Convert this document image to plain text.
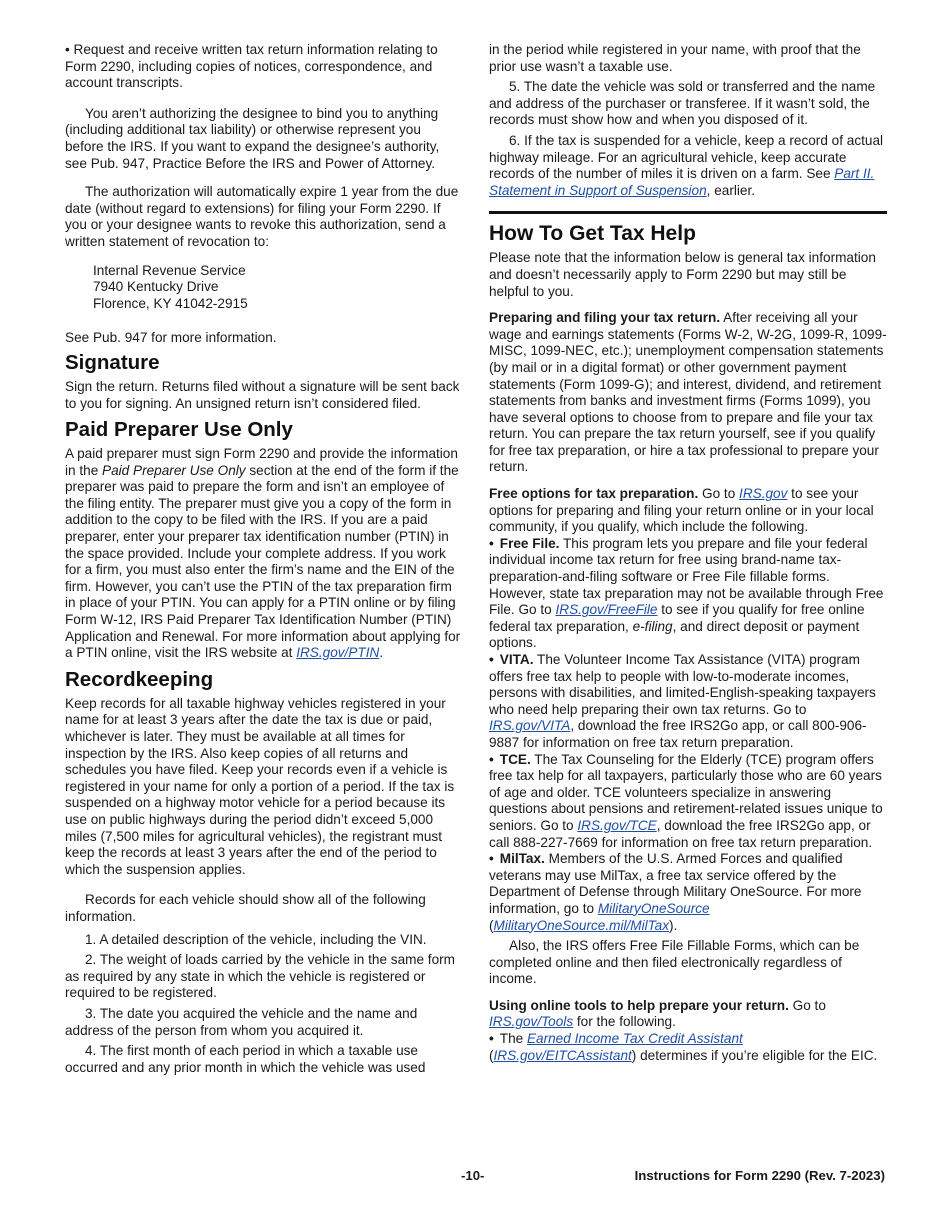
• Request and receive written tax return information relating to Form 2290, including copies of notices, correspondence, and account transcripts.

You aren’t authorizing the designee to bind you to anything (including additional tax liability) or otherwise represent you before the IRS. If you want to expand the designee’s authority, see Pub. 947, Practice Before the IRS and Power of Attorney.

The authorization will automatically expire 1 year from the due date (without regard to extensions) for filing your Form 2290. If you or your designee wants to revoke this authorization, send a written statement of revocation to:

Internal Revenue Service
7940 Kentucky Drive
Florence, KY 41042-2915

See Pub. 947 for more information.

Signature

Sign the return. Returns filed without a signature will be sent back to you for signing. An unsigned return isn’t considered filed.

Paid Preparer Use Only

A paid preparer must sign Form 2290 and provide the information in the Paid Preparer Use Only section at the end of the form if the preparer was paid to prepare the form and isn’t an employee of the filing entity. The preparer must give you a copy of the form in addition to the copy to be filed with the IRS. If you are a paid preparer, enter your preparer tax identification number (PTIN) in the space provided. Include your complete address. If you work for a firm, you must also enter the firm’s name and the EIN of the firm. However, you can’t use the PTIN of the tax preparation firm in place of your PTIN. You can apply for a PTIN online or by filing Form W-12, IRS Paid Preparer Tax Identification Number (PTIN) Application and Renewal. For more information about applying for a PTIN online, visit the IRS website at IRS.gov/PTIN.

Recordkeeping

Keep records for all taxable highway vehicles registered in your name for at least 3 years after the date the tax is due or paid, whichever is later. They must be available at all times for inspection by the IRS. Also keep copies of all returns and schedules you have filed. Keep your records even if a vehicle is registered in your name for only a portion of a period. If the tax is suspended on a highway motor vehicle for a period because its use on public highways during the period didn’t exceed 5,000 miles (7,500 miles for agricultural vehicles), the registrant must keep the records at least 3 years after the end of the period to which the suspension applies.

Records for each vehicle should show all of the following information.

1. A detailed description of the vehicle, including the VIN.

2. The weight of loads carried by the vehicle in the same form as required by any state in which the vehicle is registered or required to be registered.

3. The date you acquired the vehicle and the name and address of the person from whom you acquired it.

4. The first month of each period in which a taxable use occurred and any prior month in which the vehicle was used

in the period while registered in your name, with proof that the prior use wasn’t a taxable use.

5. The date the vehicle was sold or transferred and the name and address of the purchaser or transferee. If it wasn’t sold, the records must show how and when you disposed of it.

6. If the tax is suspended for a vehicle, keep a record of actual highway mileage. For an agricultural vehicle, keep accurate records of the number of miles it is driven on a farm. See Part II. Statement in Support of Suspension, earlier.

How To Get Tax Help

Please note that the information below is general tax information and doesn’t necessarily apply to Form 2290 but may still be helpful to you.

Preparing and filing your tax return. After receiving all your wage and earnings statements (Forms W-2, W-2G, 1099-R, 1099-MISC, 1099-NEC, etc.); unemployment compensation statements (by mail or in a digital format) or other government payment statements (Form 1099-G); and interest, dividend, and retirement statements from banks and investment firms (Forms 1099), you have several options to choose from to prepare and file your tax return. You can prepare the tax return yourself, see if you qualify for free tax preparation, or hire a tax professional to prepare your return.

Free options for tax preparation. Go to IRS.gov to see your options for preparing and filing your return online or in your local community, if you qualify, which include the following.

• Free File. This program lets you prepare and file your federal individual income tax return for free using brand-name tax-preparation-and-filing software or Free File fillable forms. However, state tax preparation may not be available through Free File. Go to IRS.gov/FreeFile to see if you qualify for free online federal tax preparation, e-filing, and direct deposit or payment options.

• VITA. The Volunteer Income Tax Assistance (VITA) program offers free tax help to people with low-to-moderate incomes, persons with disabilities, and limited-English-speaking taxpayers who need help preparing their own tax returns. Go to IRS.gov/VITA, download the free IRS2Go app, or call 800-906-9887 for information on free tax return preparation.

• TCE. The Tax Counseling for the Elderly (TCE) program offers free tax help for all taxpayers, particularly those who are 60 years of age and older. TCE volunteers specialize in answering questions about pensions and retirement-related issues unique to seniors. Go to IRS.gov/TCE, download the free IRS2Go app, or call 888-227-7669 for information on free tax return preparation.

• MilTax. Members of the U.S. Armed Forces and qualified veterans may use MilTax, a free tax service offered by the Department of Defense through Military OneSource. For more information, go to MilitaryOneSource (MilitaryOneSource.mil/MilTax).

Also, the IRS offers Free File Fillable Forms, which can be completed online and then filed electronically regardless of income.

Using online tools to help prepare your return. Go to IRS.gov/Tools for the following.

• The Earned Income Tax Credit Assistant (IRS.gov/EITCAssistant) determines if you’re eligible for the EIC.

-10-	Instructions for Form 2290 (Rev. 7-2023)
